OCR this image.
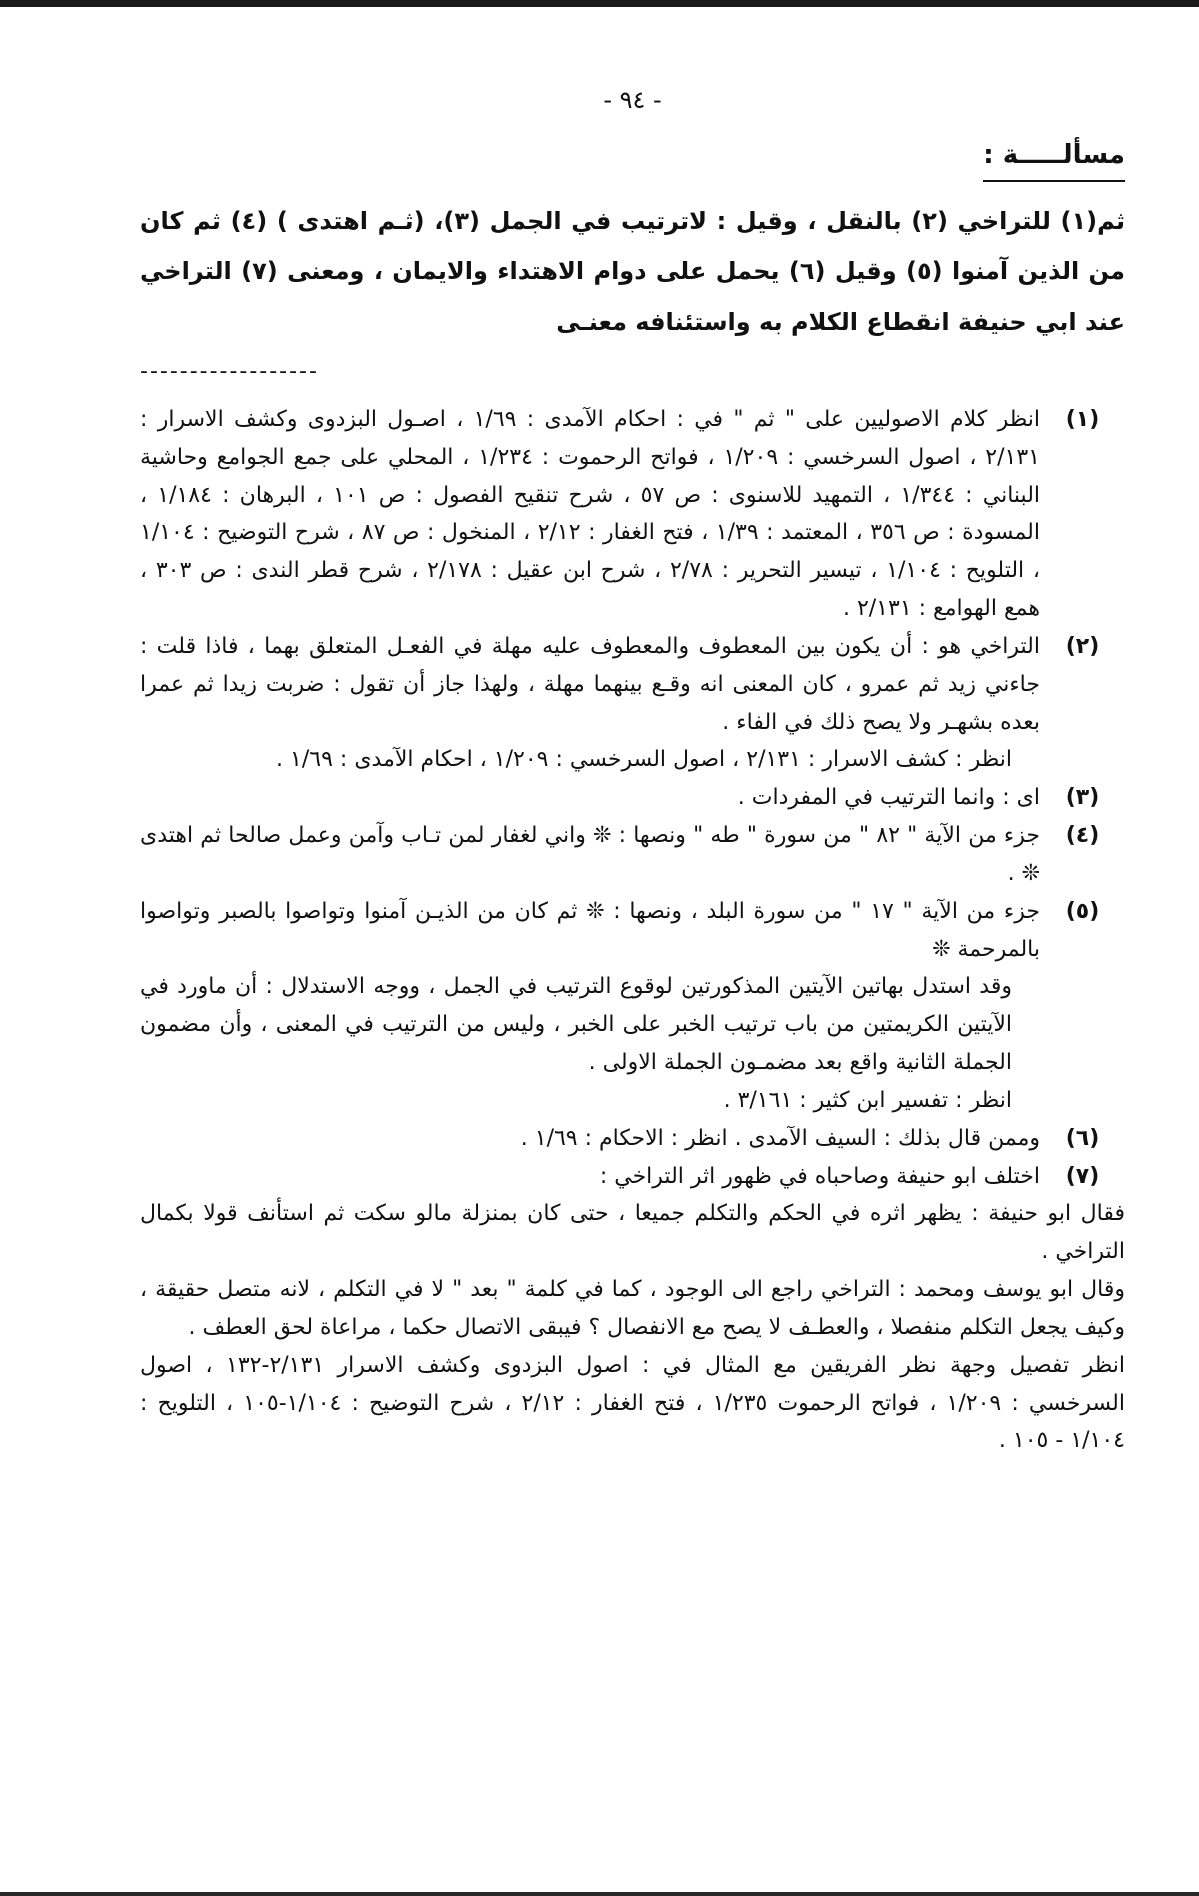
- ٩٤ -
مسألـــــة :
ثم(١) للتراخي (٢) بالنقل ، وقيل : لاترتيب في الجمل (٣)، (ثـم اهتدى ) (٤) ثم كان من الذين آمنوا (٥) وقيل (٦) يحمل على دوام الاهتداء والايمان ، ومعنى (٧) التراخي عند ابي حنيفة انقطاع الكلام به واستئنافه معنـى
------------------
(١)

انظر كلام الاصوليين على " ثم " في : احكام الآمدى : ١/٦٩ ، اصـول البزدوى وكشف الاسرار : ٢/١٣١ ، اصول السرخسي : ١/٢٠٩ ، فواتح الرحموت : ١/٢٣٤ ، المحلي على جمع الجوامع وحاشية البناني : ١/٣٤٤ ، التمهيد للاسنوى : ص ٥٧ ، شرح تنقيح الفصول : ص ١٠١ ، البرهان : ١/١٨٤ ، المسودة : ص ٣٥٦ ، المعتمد : ١/٣٩ ، فتح الغفار : ٢/١٢ ، المنخول : ص ٨٧ ، شرح التوضيح : ١/١٠٤ ، التلويح : ١/١٠٤ ، تيسير التحرير : ٢/٧٨ ، شرح ابن عقيل : ٢/١٧٨ ، شرح قطر الندى : ص ٣٠٣ ، همع الهوامع : ٢/١٣١ .

(٢)

التراخي هو : أن يكون بين المعطوف والمعطوف عليه مهلة في الفعـل المتعلق بهما ، فاذا قلت : جاءني زيد ثم عمرو ، كان المعنى انه وقـع بينهما مهلة ، ولهذا جاز أن تقول : ضربت زيدا ثم عمرا بعده بشهـر ولا يصح ذلك في الفاء .

انظر : كشف الاسرار : ٢/١٣١ ، اصول السرخسي : ١/٢٠٩ ، احكام الآمدى : ١/٦٩ .

(٣)

اى : وانما الترتيب في المفردات .

(٤)

جزء من الآية " ٨٢ " من سورة " طه " ونصها : ❊ واني لغفار لمن تـاب وآمن وعمل صالحا ثم اهتدى ❊ .

(٥)

جزء من الآية " ١٧ " من سورة البلد ، ونصها : ❊ ثم كان من الذيـن آمنوا وتواصوا بالصبر وتواصوا بالمرحمة ❊

وقد استدل بهاتين الآيتين المذكورتين لوقوع الترتيب في الجمل ، ووجه الاستدلال : أن ماورد في الآيتين الكريمتين من باب ترتيب الخبر على الخبر ، وليس من الترتيب في المعنى ، وأن مضمون الجملة الثانية واقع بعد مضمـون الجملة الاولى .

انظر : تفسير ابن كثير : ٣/١٦١ .

(٦)

وممن قال بذلك : السيف الآمدى . انظر : الاحكام : ١/٦٩ .

(٧)

اختلف ابو حنيفة وصاحباه في ظهور اثر التراخي :

فقال ابو حنيفة : يظهر اثره في الحكم والتكلم جميعا ، حتى كان بمنزلة مالو سكت ثم استأنف قولا بكمال التراخي .

وقال ابو يوسف ومحمد : التراخي راجع الى الوجود ، كما في كلمة " بعد " لا في التكلم ، لانه متصل حقيقة ، وكيف يجعل التكلم منفصلا ، والعطـف لا يصح مع الانفصال ؟ فيبقى الاتصال حكما ، مراعاة لحق العطف .

انظر تفصيل وجهة نظر الفريقين مع المثال في : اصول البزدوى وكشف الاسرار ٢/١٣١-١٣٢ ، اصول السرخسي : ١/٢٠٩ ، فواتح الرحموت ١/٢٣٥ ، فتح الغفار : ٢/١٢ ، شرح التوضيح : ١/١٠٤-١٠٥ ، التلويح : ١/١٠٤ - ١٠٥ .
